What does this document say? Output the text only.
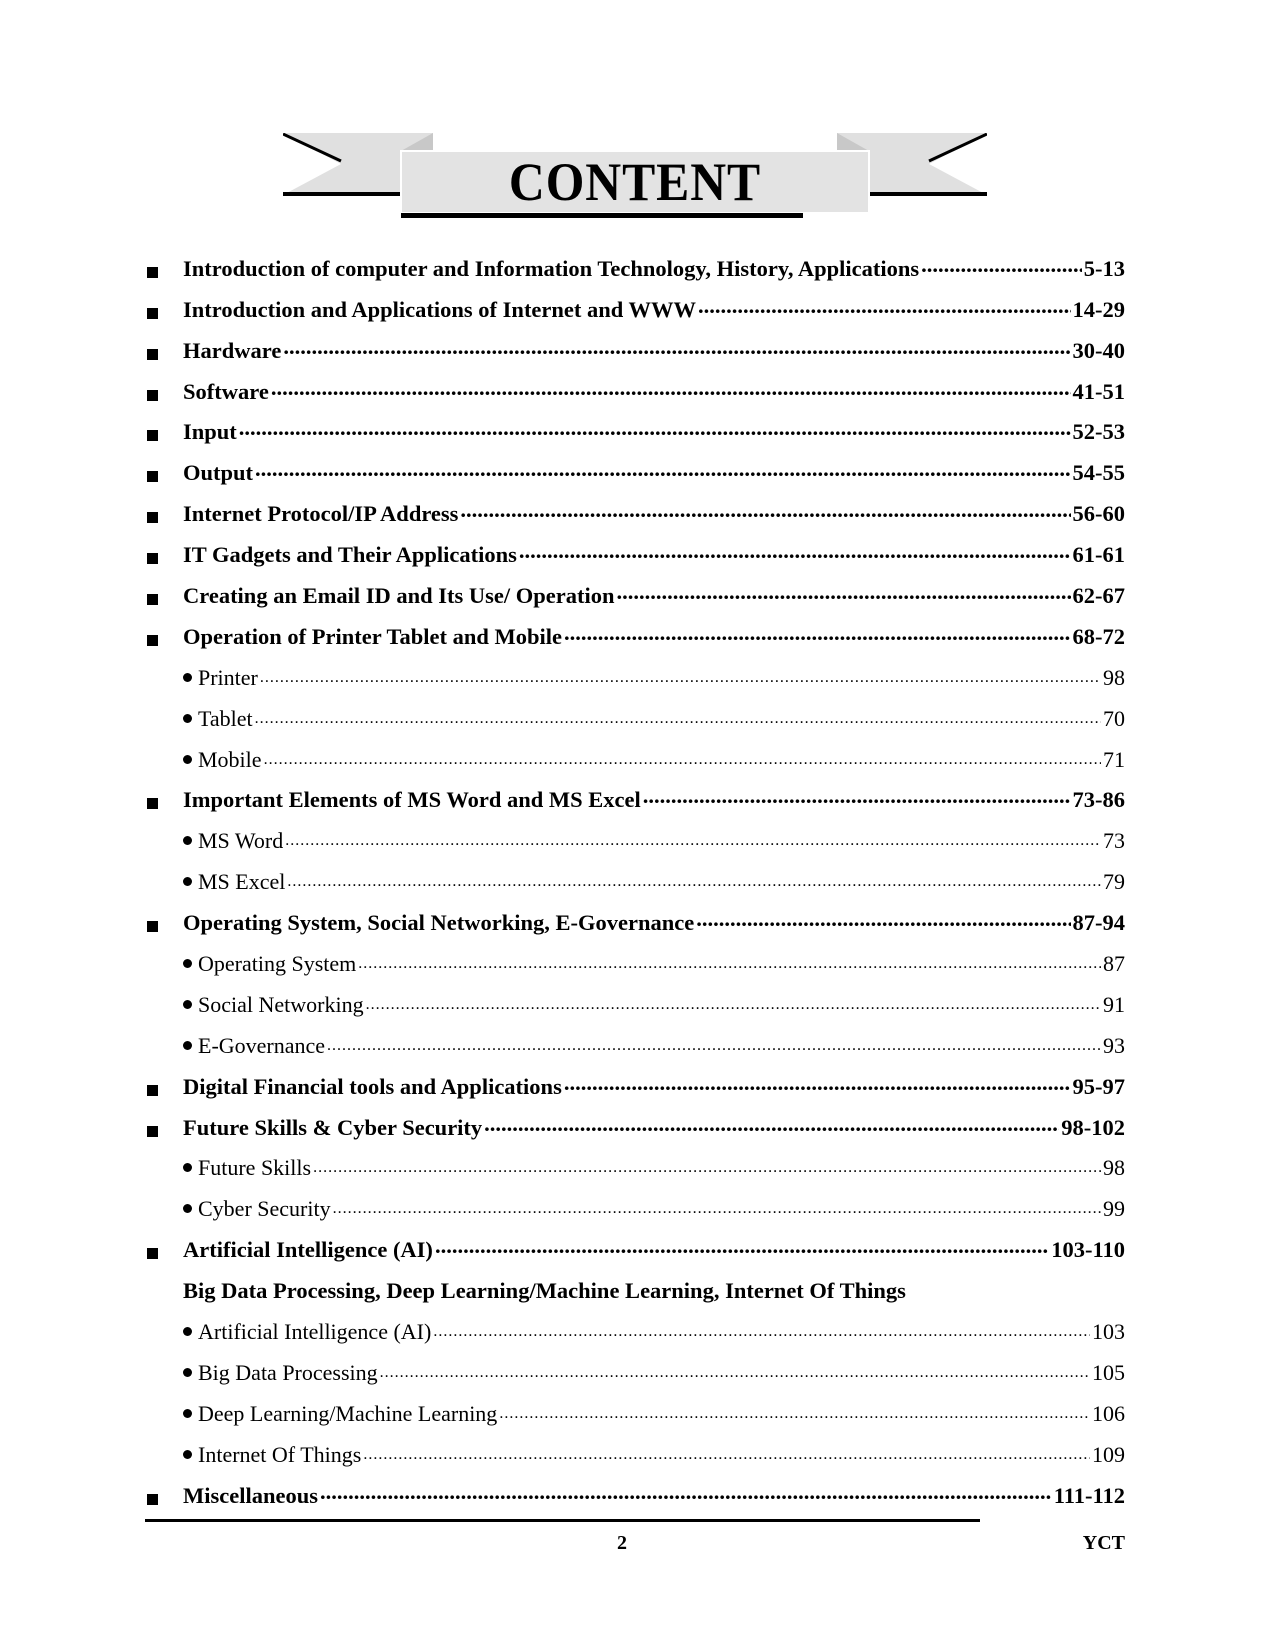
CONTENT
Introduction of computer and Information Technology, History, Applications .....	5-13
Introduction and Applications of Internet and WWW .....	14-29
Hardware .....	30-40
Software .....	41-51
Input .....	52-53
Output .....	54-55
Internet Protocol/IP Address .....	56-60
IT Gadgets and Their Applications .....	61-61
Creating an Email ID and Its Use/ Operation .....	62-67
Operation of Printer Tablet and Mobile .....	68-72
Printer .....	98
Tablet .....	70
Mobile .....	71
Important Elements of MS Word and MS Excel .....	73-86
MS Word .....	73
MS Excel .....	79
Operating System, Social Networking, E-Governance .....	87-94
Operating System .....	87
Social Networking .....	91
E-Governance .....	93
Digital Financial tools and Applications .....	95-97
Future Skills & Cyber Security .....	98-102
Future Skills .....	98
Cyber Security .....	99
Artificial Intelligence (AI) .....	103-110
Big Data Processing, Deep Learning/Machine Learning, Internet Of Things
Artificial Intelligence (AI) .....	103
Big Data Processing .....	105
Deep Learning/Machine Learning .....	106
Internet Of Things .....	109
Miscellaneous .....	111-112
2	YCT
